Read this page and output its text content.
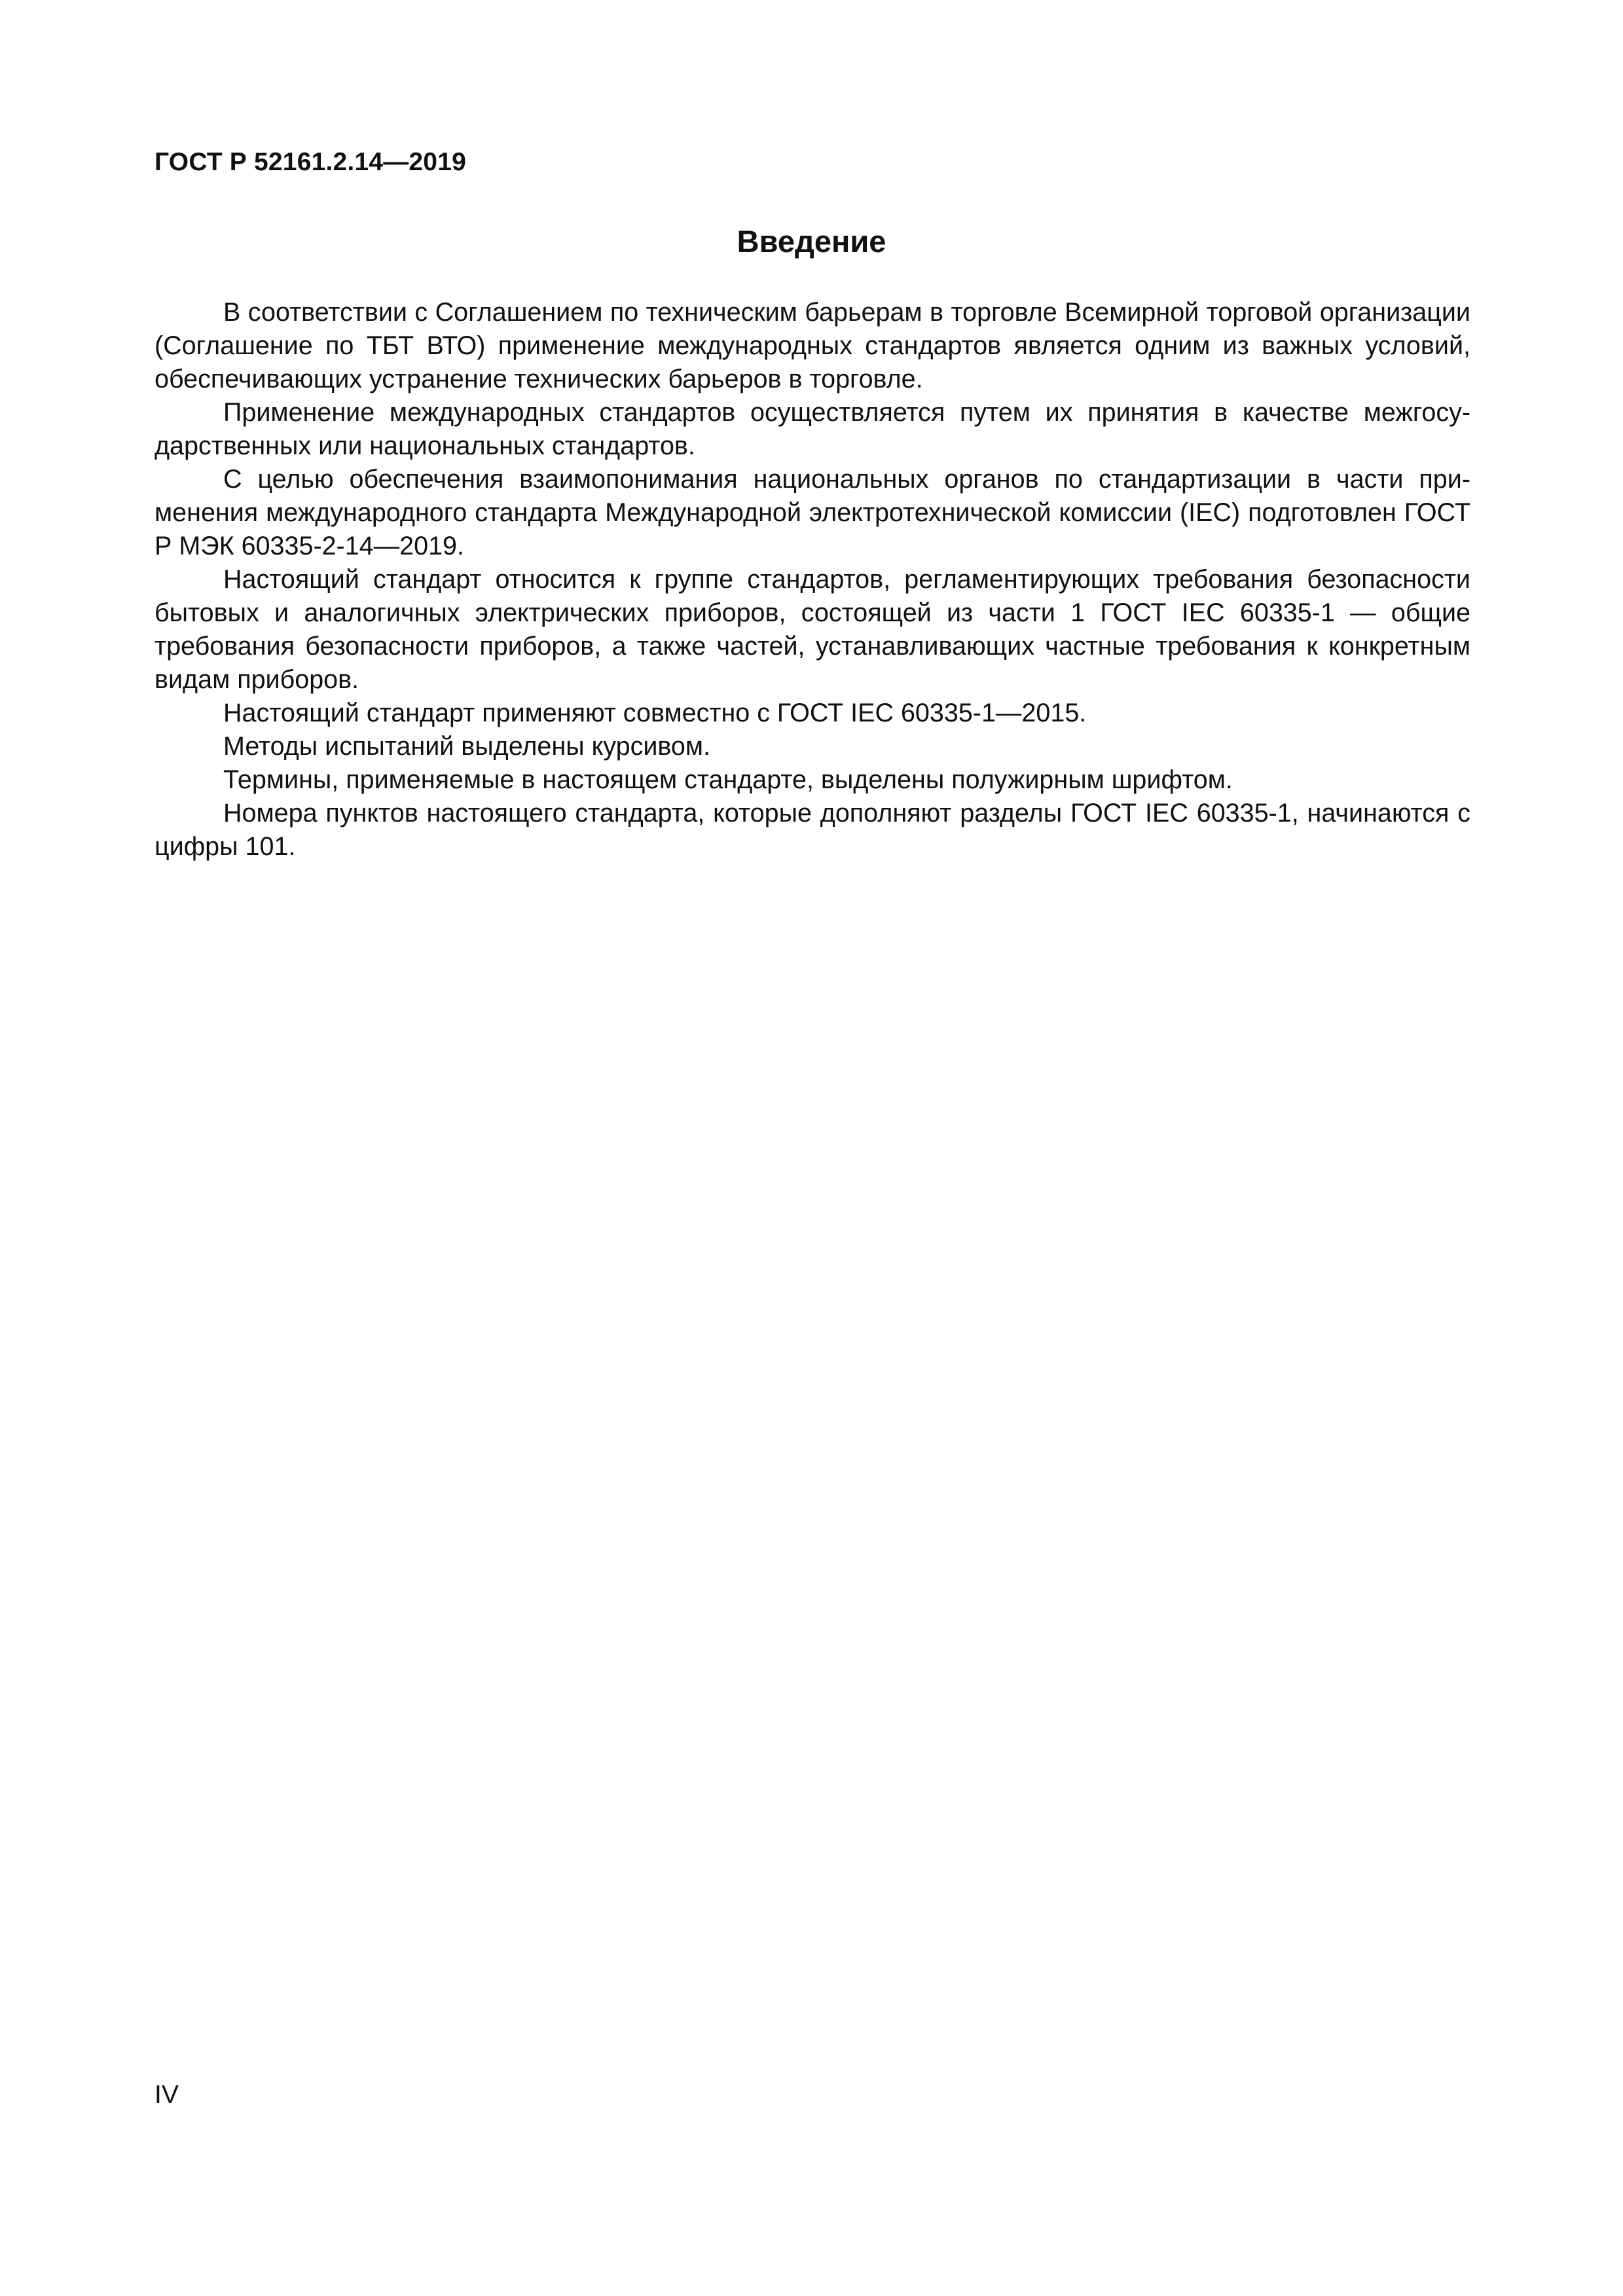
ГОСТ Р 52161.2.14—2019
Введение

В соответствии с Соглашением по техническим барьерам в торговле Всемирной торговой организации (Соглашение по ТБТ ВТО) применение международных стандартов является одним из важных условий, обеспечивающих устранение технических барьеров в торговле.

Применение международных стандартов осуществляется путем их принятия в качестве межгосударственных или национальных стандартов.

С целью обеспечения взаимопонимания национальных органов по стандартизации в части применения международного стандарта Международной электротехнической комиссии (IEC) подготовлен ГОСТ Р МЭК 60335-2-14—2019.

Настоящий стандарт относится к группе стандартов, регламентирующих требования безопасности бытовых и аналогичных электрических приборов, состоящей из части 1 ГОСТ IEC 60335-1 — общие требования безопасности приборов, а также частей, устанавливающих частные требования к конкретным видам приборов.

Настоящий стандарт применяют совместно с ГОСТ IEC 60335-1—2015.

Методы испытаний выделены курсивом.

Термины, применяемые в настоящем стандарте, выделены полужирным шрифтом.

Номера пунктов настоящего стандарта, которые дополняют разделы ГОСТ IEC 60335-1, начинаются с цифры 101.

IV
